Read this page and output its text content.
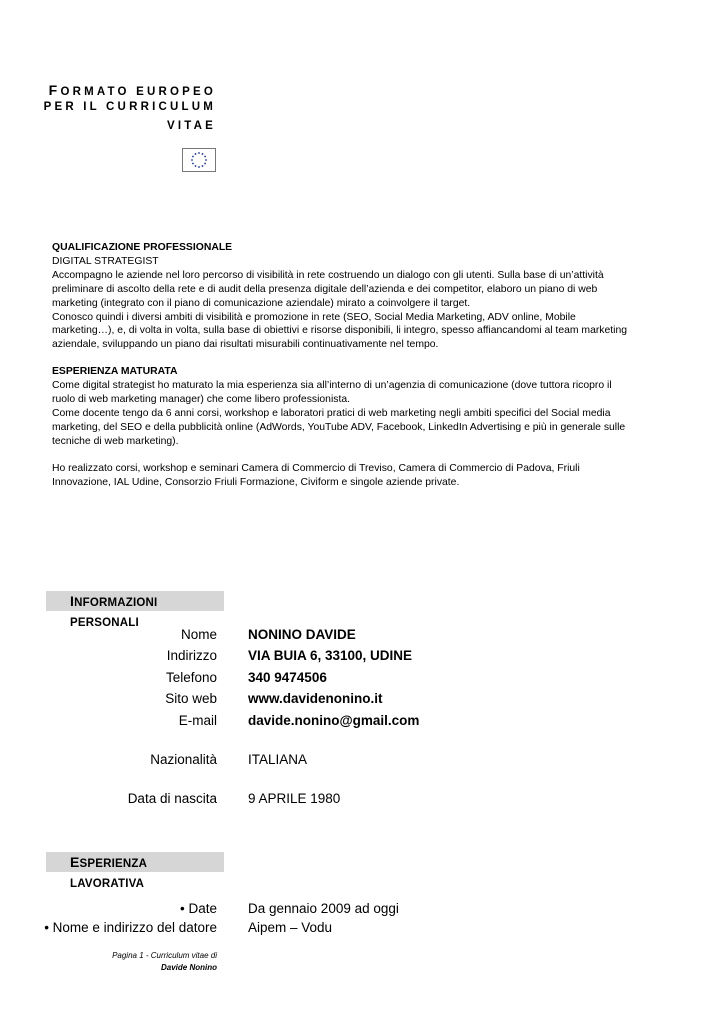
FORMATO EUROPEO
PER IL CURRICULUM
VITAE

QUALIFICAZIONE PROFESSIONALE

DIGITAL STRATEGIST

Accompagno le aziende nel loro percorso di visibilità in rete costruendo un dialogo con gli utenti. Sulla base di un’attività preliminare di ascolto della rete e di audit della presenza digitale dell’azienda e dei competitor, elaboro un piano di web marketing (integrato con il piano di comunicazione aziendale) mirato a coinvolgere il target.

Conosco quindi i diversi ambiti di visibilità e promozione in rete (SEO, Social Media Marketing, ADV online, Mobile marketing…), e, di volta in volta, sulla base di obiettivi e risorse disponibili, li integro, spesso affiancandomi al team marketing aziendale, sviluppando un piano dai risultati misurabili continuativamente nel tempo.

ESPERIENZA MATURATA

Come digital strategist ho maturato la mia esperienza sia all’interno di un’agenzia di comunicazione (dove tuttora ricopro il ruolo di web marketing manager) che come libero professionista.

Come docente tengo da 6 anni corsi, workshop e laboratori pratici di web marketing negli ambiti specifici del Social media marketing, del SEO e della pubblicità online (AdWords, YouTube ADV, Facebook, LinkedIn Advertising e più in generale sulle tecniche di web marketing).

Ho realizzato corsi, workshop e seminari Camera di Commercio di Treviso, Camera di Commercio di Padova, Friuli Innovazione, IAL Udine, Consorzio Friuli Formazione, Civiform e singole aziende private.

INFORMAZIONI PERSONALI
Nome NONINO DAVIDE
Indirizzo VIA BUIA 6, 33100, UDINE
Telefono 340 9474506
Sito web www.davidenonino.it
E-mail davide.nonino@gmail.com
Nazionalità ITALIANA
Data di nascita 9 APRILE 1980
ESPERIENZA LAVORATIVA
• Date Da gennaio 2009 ad oggi
• Nome e indirizzo del datore Aipem – Vodu
Pagina 1 - Curriculum vitae di
Davide Nonino
